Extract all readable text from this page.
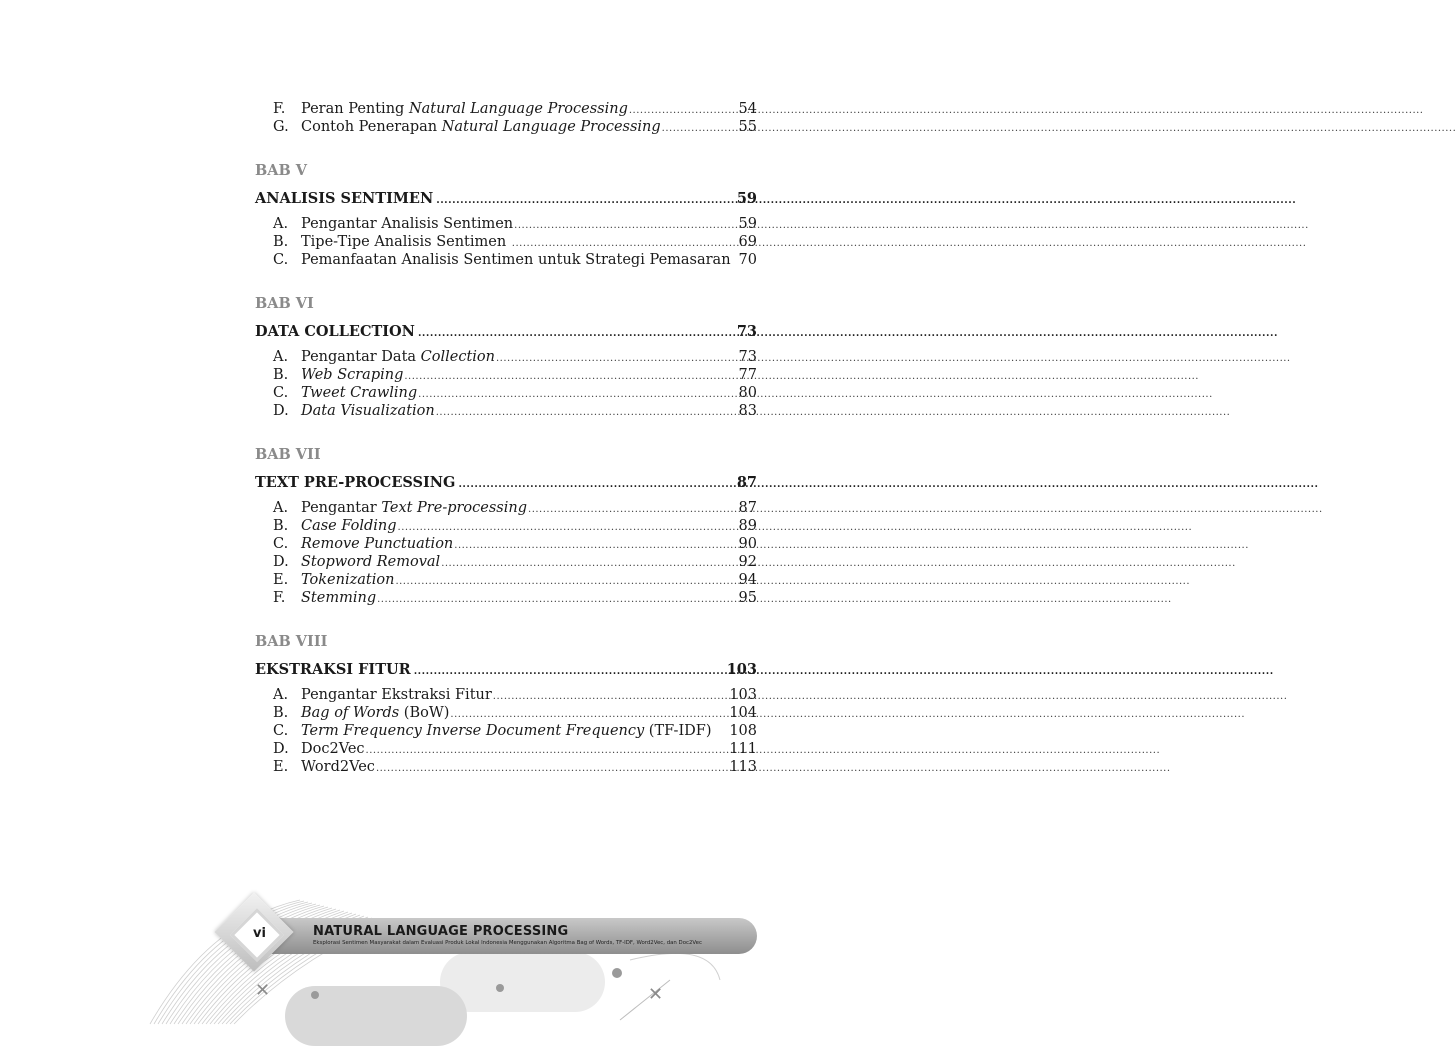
F.	Peran Penting Natural Language Processing .....	54
G. Contoh Penerapan Natural Language Processing .....	55
BAB V
ANALISIS SENTIMEN .....	59
A. Pengantar Analisis Sentimen .....	59
B. Tipe-Tipe Analisis Sentimen .....	69
C. Pemanfaatan Analisis Sentimen untuk Strategi Pemasaran 70
BAB VI
DATA COLLECTION .....	73
A. Pengantar Data Collection .....	73
B. Web Scraping .....	77
C. Tweet Crawling .....	80
D. Data Visualization .....	83
BAB VII
TEXT PRE-PROCESSING .....	87
A. Pengantar Text Pre-processing .....	87
B. Case Folding .....	89
C. Remove Punctuation .....	90
D. Stopword Removal .....	92
E. Tokenization .....	94
F.	Stemming .....	95
BAB VIII
EKSTRAKSI FITUR .....	103
A. Pengantar Ekstraksi Fitur .....	103
B. Bag of Words (BoW) .....	104
C. Term Frequency Inverse Document Frequency (TF-IDF)	108
D. Doc2Vec .....	111
E. Word2Vec .....	113
vi	NATURAL LANGUAGE PROCESSING
Eksplorasi Sentimen Masyarakat dalam Evaluasi Produk Lokal Indonesia Menggunakan Algoritma Bag of Words, TF-IDF, Word2Vec, dan Doc2Vec
✕	✕
